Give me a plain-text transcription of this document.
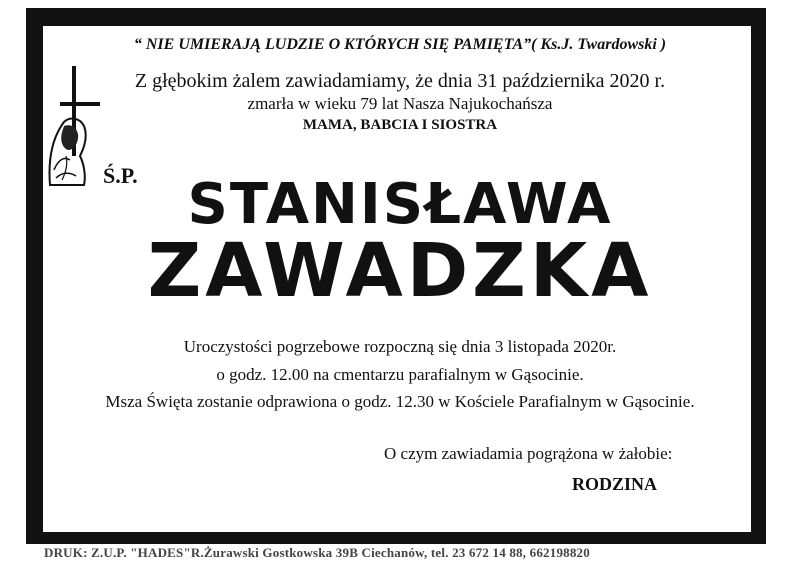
“ NIE UMIERAJĄ LUDZIE O KTÓRYCH SIĘ PAMIĘTA”( Ks.J. Twardowski )
Z głębokim żalem zawiadamiamy, że dnia 31 października 2020 r.
zmarła w wieku 79 lat Nasza Najukochańsza
MAMA, BABCIA I SIOSTRA
Ś.P. STANISŁAWA
ZAWADZKA
Uroczystości pogrzebowe rozpoczną się dnia 3 listopada 2020r.
o godz. 12.00 na cmentarzu parafialnym w Gąsocinie.
Msza Święta zostanie odprawiona o godz. 12.30 w Kościele Parafialnym w Gąsocinie.
O czym zawiadamia pogrążona w żałobie:
RODZINA
DRUK: Z.U.P. "HADES"R.Żurawski Gostkowska 39B Ciechanów, tel. 23 672 14 88, 662198820
